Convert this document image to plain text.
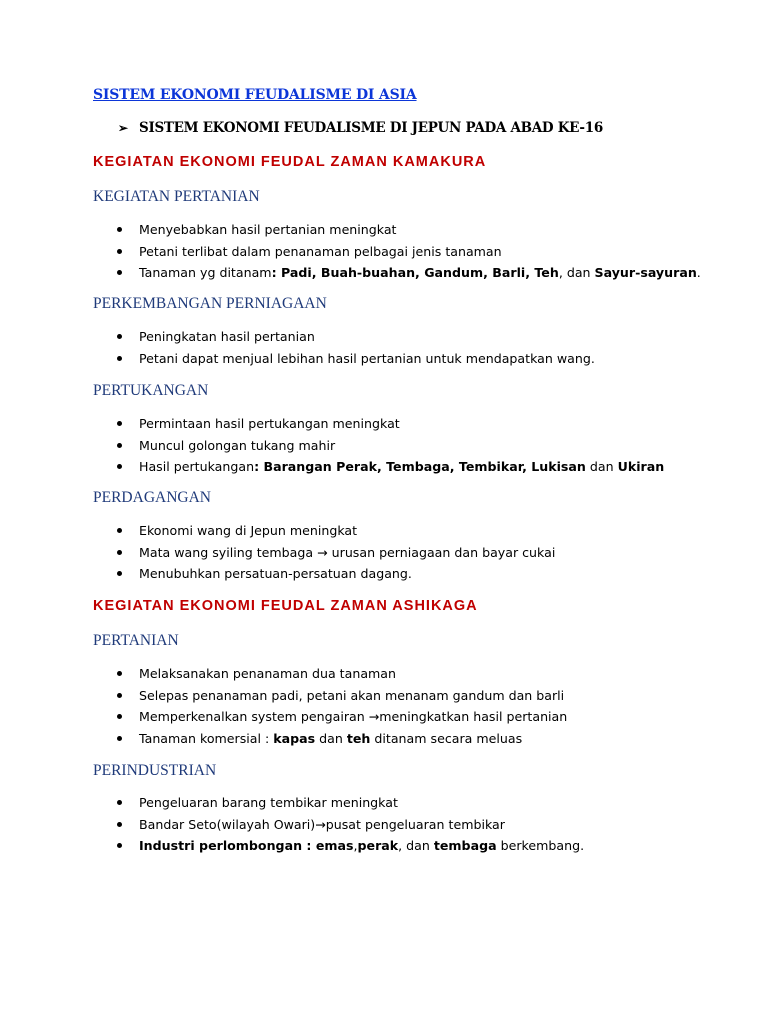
SISTEM EKONOMI FEUDALISME DI ASIA
➢ SISTEM EKONOMI FEUDALISME DI JEPUN PADA ABAD KE-16
KEGIATAN EKONOMI FEUDAL ZAMAN KAMAKURA
KEGIATAN PERTANIAN
Menyebabkan hasil pertanian meningkat
Petani terlibat dalam penanaman pelbagai jenis tanaman
Tanaman yg ditanam: Padi, Buah-buahan, Gandum, Barli, Teh, dan Sayur-sayuran.
PERKEMBANGAN PERNIAGAAN
Peningkatan hasil pertanian
Petani dapat menjual lebihan hasil pertanian untuk mendapatkan wang.
PERTUKANGAN
Permintaan hasil pertukangan meningkat
Muncul golongan tukang mahir
Hasil pertukangan: Barangan Perak, Tembaga, Tembikar, Lukisan dan Ukiran
PERDAGANGAN
Ekonomi wang di Jepun meningkat
Mata wang syiling tembaga → urusan perniagaan dan bayar cukai
Menubuhkan persatuan-persatuan dagang.
KEGIATAN EKONOMI FEUDAL ZAMAN ASHIKAGA
PERTANIAN
Melaksanakan penanaman dua tanaman
Selepas penanaman padi, petani akan menanam gandum dan barli
Memperkenalkan system pengairan →meningkatkan hasil pertanian
Tanaman komersial : kapas dan teh ditanam secara meluas
PERINDUSTRIAN
Pengeluaran barang tembikar meningkat
Bandar Seto(wilayah Owari)→pusat pengeluaran tembikar
Industri perlombongan : emas,perak, dan tembaga berkembang.
